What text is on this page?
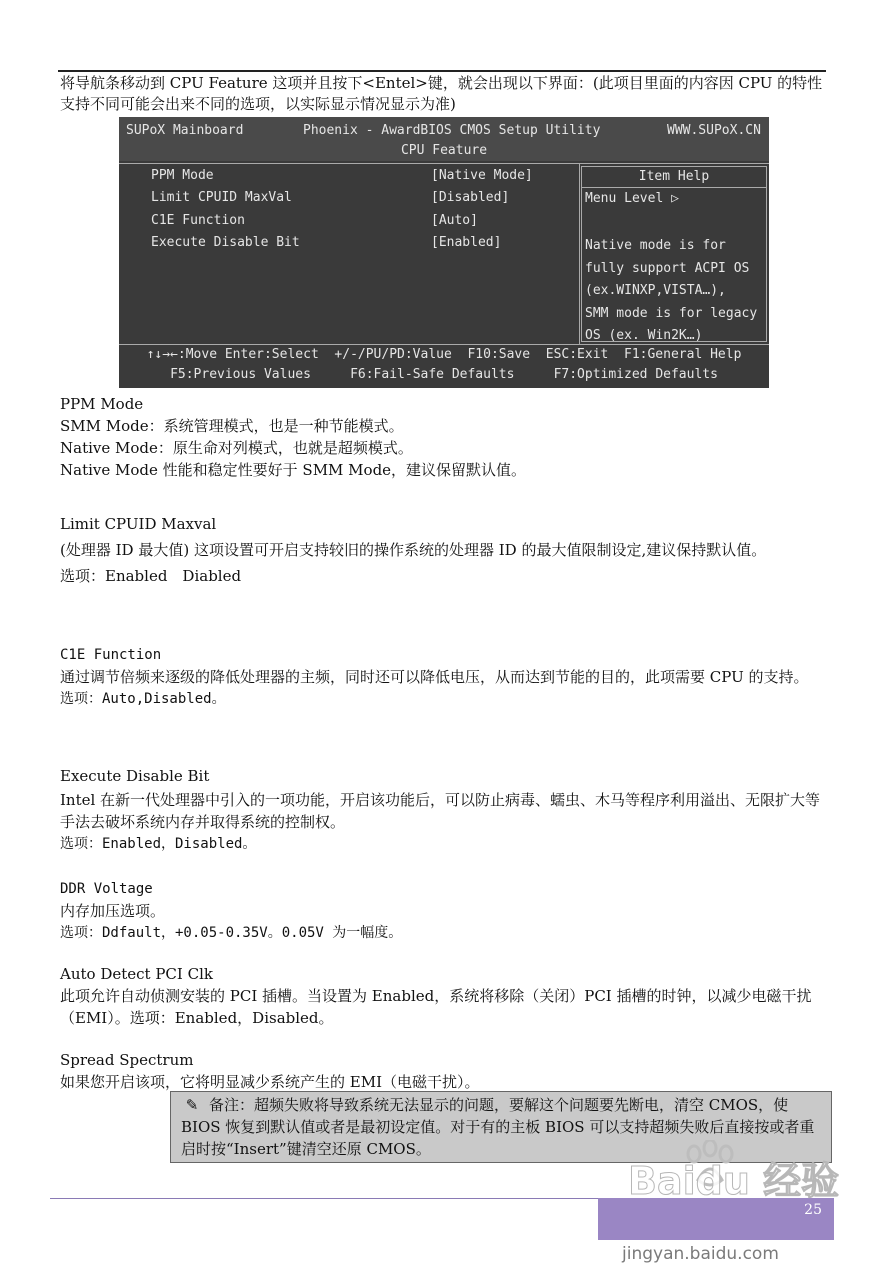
将导航条移动到 CPU Feature 这项并且按下<Entel>键，就会出现以下界面：(此项目里面的内容因 CPU 的特性支持不同可能会出来不同的选项，以实际显示情况显示为准)
SUPoX Mainboard	Phoenix - AwardBIOS CMOS Setup Utility	WWW.SUPoX.CN
CPU Feature
PPM Mode	[Native Mode]
Limit CPUID MaxVal	[Disabled]
C1E Function	[Auto]
Execute Disable Bit	[Enabled]
Item Help
Menu Level ▷
Native mode is for
fully support ACPI OS
(ex.WINXP,VISTA…),
SMM mode is for legacy
OS (ex. Win2K…)
↑↓→←:Move Enter:Select  +/-/PU/PD:Value  F10:Save  ESC:Exit  F1:General Help
F5:Previous Values     F6:Fail-Safe Defaults     F7:Optimized Defaults
PPM Mode
SMM Mode：系统管理模式，也是一种节能模式。
Native Mode：原生命对列模式，也就是超频模式。
Native Mode 性能和稳定性要好于 SMM Mode，建议保留默认值。
Limit CPUID Maxval
(处理器 ID 最大值) 这项设置可开启支持较旧的操作系统的处理器 ID 的最大值限制设定,建议保持默认值。
选项：Enabled　Diabled
C1E Function
通过调节倍频来逐级的降低处理器的主频，同时还可以降低电压，从而达到节能的目的，此项需要 CPU 的支持。
选项：Auto,Disabled。
Execute Disable Bit
Intel 在新一代处理器中引入的一项功能，开启该功能后，可以防止病毒、蠕虫、木马等程序利用溢出、无限扩大等手法去破坏系统内存并取得系统的控制权。
选项：Enabled，Disabled。
DDR Voltage
内存加压选项。
选项：Ddfault，+0.05-0.35V。0.05V 为一幅度。
Auto Detect PCI Clk
此项允许自动侦测安装的 PCI 插槽。当设置为 Enabled，系统将移除（关闭）PCI 插槽的时钟，以减少电磁干扰（EMI）。选项：Enabled，Disabled。
Spread Spectrum
如果您开启该项，它将明显减少系统产生的 EMI（电磁干扰）。
✎ 备注：超频失败将导致系统无法显示的问题，要解这个问题要先断电，清空 CMOS，使 BIOS 恢复到默认值或者是最初设定值。对于有的主板 BIOS 可以支持超频失败后直接按或者重启时按“Insert”键清空还原 CMOS。
25
Baidu 经验
jingyan.baidu.com
